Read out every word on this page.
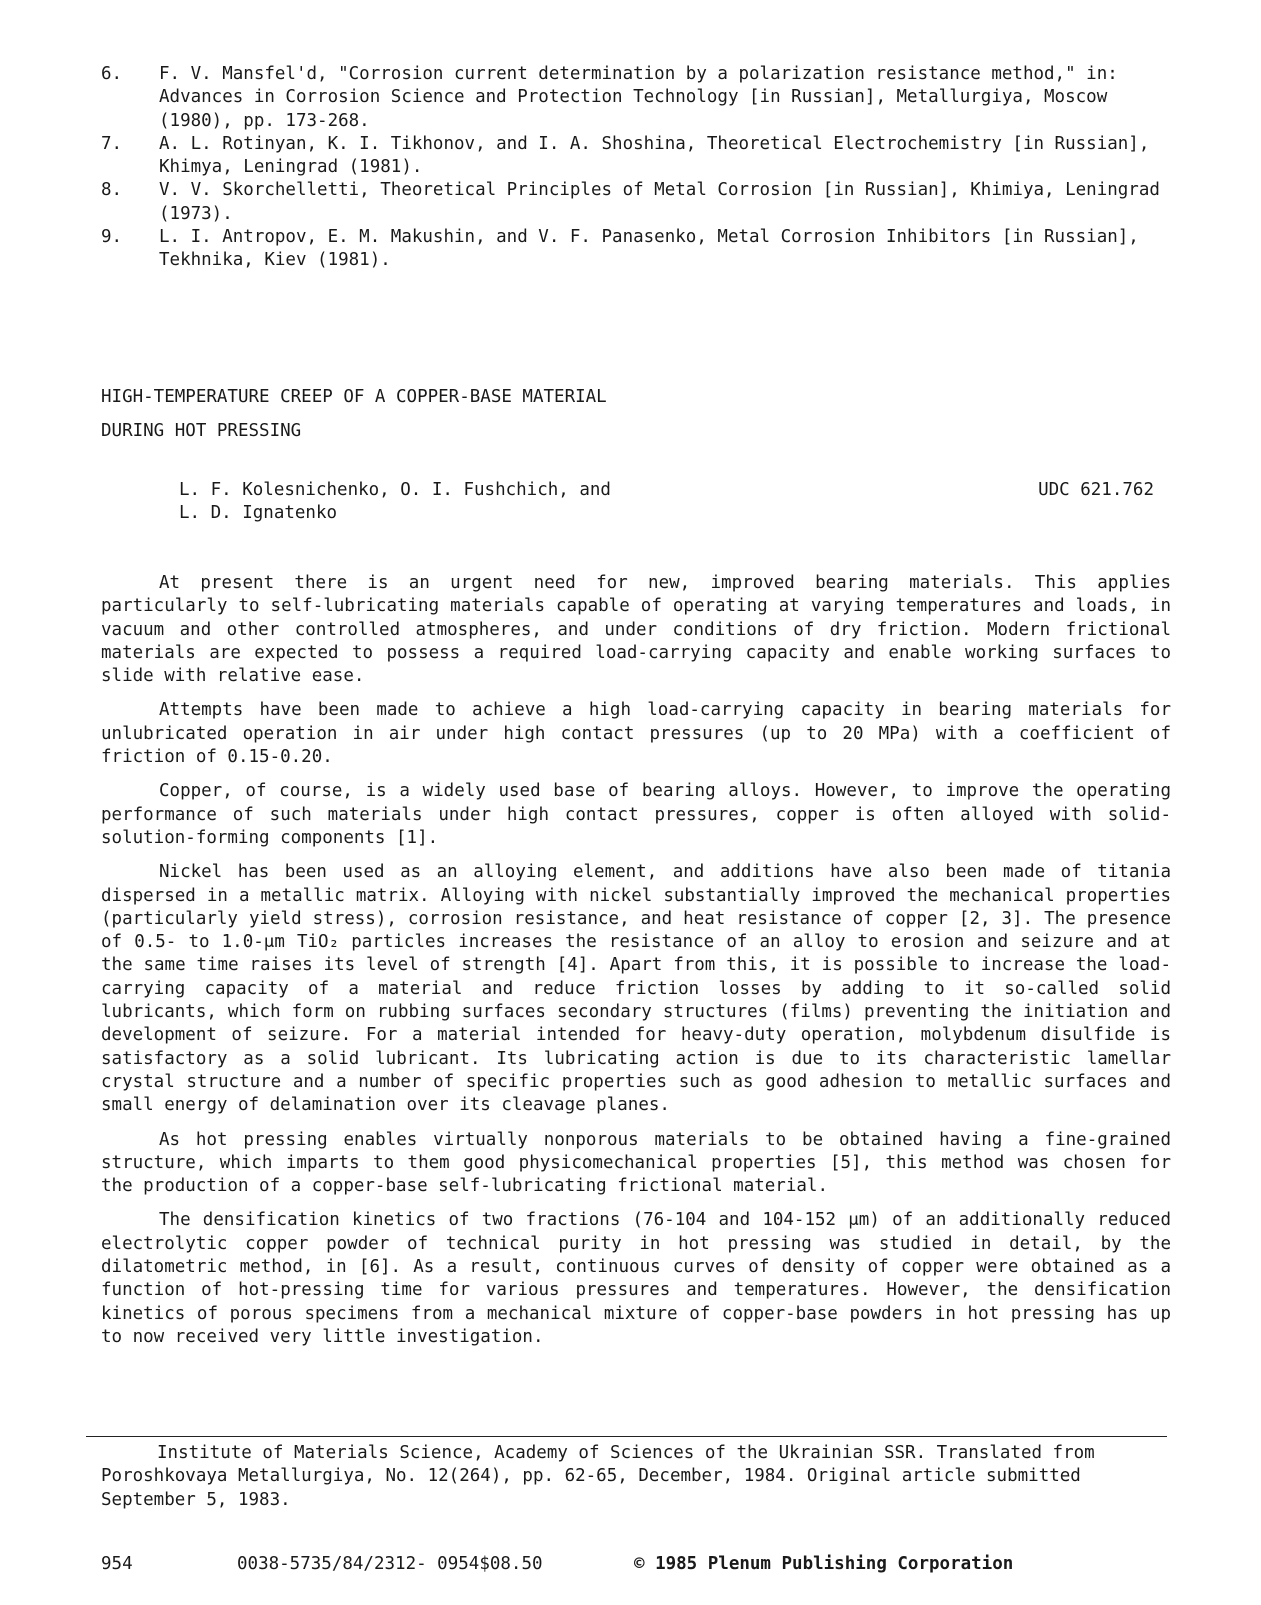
6.	F. V. Mansfel'd, "Corrosion current determination by a polarization resistance method," in: Advances in Corrosion Science and Protection Technology [in Russian], Metallurgiya, Moscow (1980), pp. 173-268.
7.	A. L. Rotinyan, K. I. Tikhonov, and I. A. Shoshina, Theoretical Electrochemistry [in Russian], Khimya, Leningrad (1981).
8.	V. V. Skorchelletti, Theoretical Principles of Metal Corrosion [in Russian], Khimiya, Leningrad (1973).
9.	L. I. Antropov, E. M. Makushin, and V. F. Panasenko, Metal Corrosion Inhibitors [in Russian], Tekhnika, Kiev (1981).
HIGH-TEMPERATURE CREEP OF A COPPER-BASE MATERIAL
DURING HOT PRESSING
L. F. Kolesnichenko, O. I. Fushchich, and
L. D. Ignatenko
UDC 621.762

At present there is an urgent need for new, improved bearing materials. This applies particularly to self-lubricating materials capable of operating at varying temperatures and loads, in vacuum and other controlled atmospheres, and under conditions of dry friction. Modern frictional materials are expected to possess a required load-carrying capacity and enable working surfaces to slide with relative ease.

Attempts have been made to achieve a high load-carrying capacity in bearing materials for unlubricated operation in air under high contact pressures (up to 20 MPa) with a coefficient of friction of 0.15-0.20.

Copper, of course, is a widely used base of bearing alloys. However, to improve the operating performance of such materials under high contact pressures, copper is often alloyed with solid-solution-forming components [1].

Nickel has been used as an alloying element, and additions have also been made of titania dispersed in a metallic matrix. Alloying with nickel substantially improved the mechanical properties (particularly yield stress), corrosion resistance, and heat resistance of copper [2, 3]. The presence of 0.5- to 1.0-μm TiO₂ particles increases the resistance of an alloy to erosion and seizure and at the same time raises its level of strength [4]. Apart from this, it is possible to increase the load-carrying capacity of a material and reduce friction losses by adding to it so-called solid lubricants, which form on rubbing surfaces secondary structures (films) preventing the initiation and development of seizure. For a material intended for heavy-duty operation, molybdenum disulfide is satisfactory as a solid lubricant. Its lubricating action is due to its characteristic lamellar crystal structure and a number of specific properties such as good adhesion to metallic surfaces and small energy of delamination over its cleavage planes.

As hot pressing enables virtually nonporous materials to be obtained having a fine-grained structure, which imparts to them good physicomechanical properties [5], this method was chosen for the production of a copper-base self-lubricating frictional material.

The densification kinetics of two fractions (76-104 and 104-152 μm) of an additionally reduced electrolytic copper powder of technical purity in hot pressing was studied in detail, by the dilatometric method, in [6]. As a result, continuous curves of density of copper were obtained as a function of hot-pressing time for various pressures and temperatures. However, the densification kinetics of porous specimens from a mechanical mixture of copper-base powders in hot pressing has up to now received very little investigation.

Institute of Materials Science, Academy of Sciences of the Ukrainian SSR. Translated from Poroshkovaya Metallurgiya, No. 12(264), pp. 62-65, December, 1984. Original article submitted September 5, 1983.
954	0038-5735/84/2312- 0954$08.50	© 1985 Plenum Publishing Corporation
